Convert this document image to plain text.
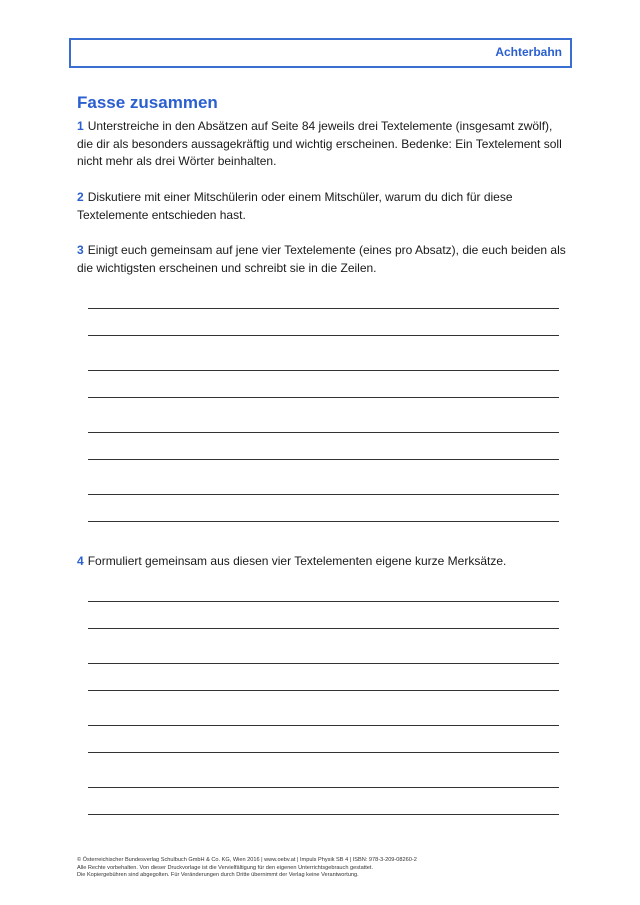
Achterbahn
Fasse zusammen

1 Unterstreiche in den Absätzen auf Seite 84 jeweils drei Textelemente (insgesamt zwölf), die dir als besonders aussagekräftig und wichtig erscheinen. Bedenke: Ein Textelement soll nicht mehr als drei Wörter beinhalten.

2 Diskutiere mit einer Mitschülerin oder einem Mitschüler, warum du dich für diese Textelemente entschieden hast.

3 Einigt euch gemeinsam auf jene vier Textelemente (eines pro Absatz), die euch beiden als die wichtigsten erscheinen und schreibt sie in die Zeilen.

4 Formuliert gemeinsam aus diesen vier Textelementen eigene kurze Merksätze.

© Österreichischer Bundesverlag Schulbuch GmbH & Co. KG, Wien 2016 | www.oebv.at | Impuls Physik SB 4 | ISBN: 978-3-209-08260-2
Alle Rechte vorbehalten. Von dieser Druckvorlage ist die Vervielfältigung für den eigenen Unterrichtsgebrauch gestattet.
Die Kopiergebühren sind abgegolten. Für Veränderungen durch Dritte übernimmt der Verlag keine Verantwortung.
